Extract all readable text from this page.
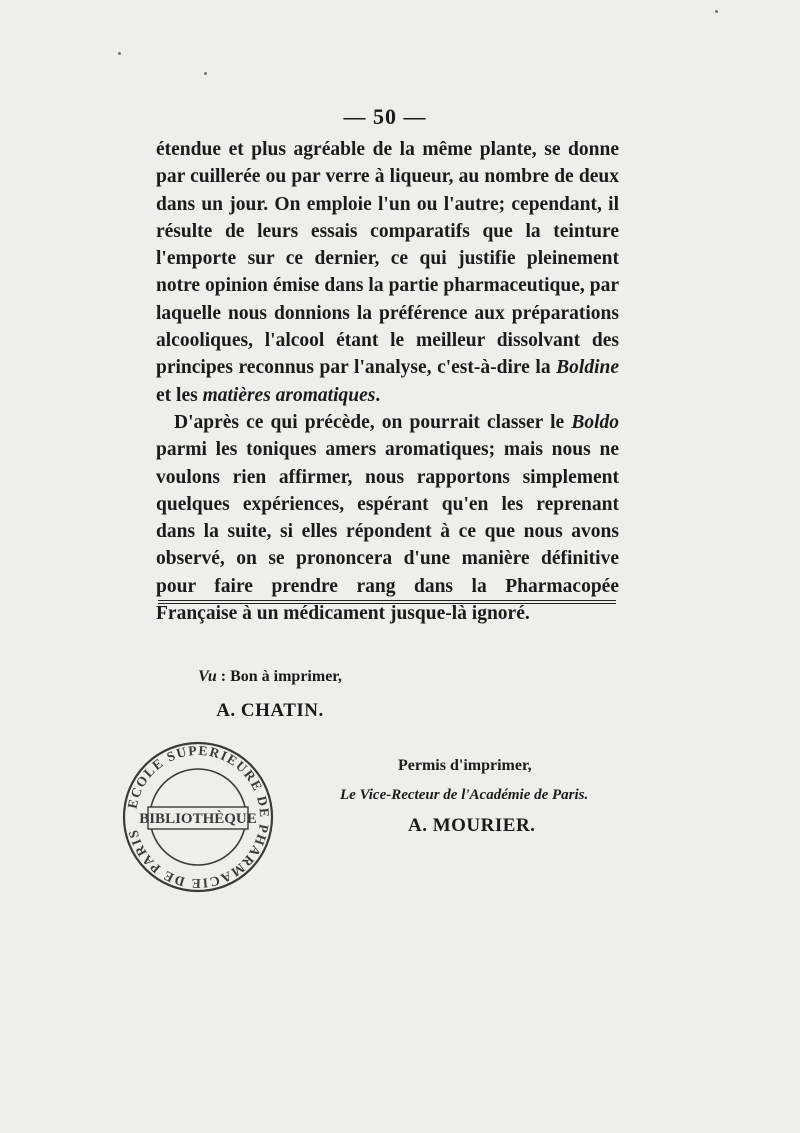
— 50 —

étendue et plus agréable de la même plante, se donne par cuillerée ou par verre à liqueur, au nombre de deux dans un jour. On emploie l'un ou l'autre; cependant, il résulte de leurs essais comparatifs que la teinture l'emporte sur ce dernier, ce qui justifie pleinement notre opinion émise dans la partie pharmaceutique, par laquelle nous donnions la préférence aux préparations alcooliques, l'alcool étant le meilleur dissolvant des principes reconnus par l'analyse, c'est-à-dire la Boldine et les matières aromatiques.

D'après ce qui précède, on pourrait classer le Boldo parmi les toniques amers aromatiques; mais nous ne voulons rien affirmer, nous rapportons simplement quelques expériences, espérant qu'en les reprenant dans la suite, si elles répondent à ce que nous avons observé, on se prononcera d'une manière définitive pour faire prendre rang dans la Pharmacopée Française à un médicament jusque-là ignoré.

Vu : Bon à imprimer,
A. CHATIN.
Permis d'imprimer,
Le Vice-Recteur de l'Académie de Paris.
A. MOURIER.
ECOLE SUPERIEURE DE PHARMACIE DE PARIS
BIBLIOTHÈQUE
